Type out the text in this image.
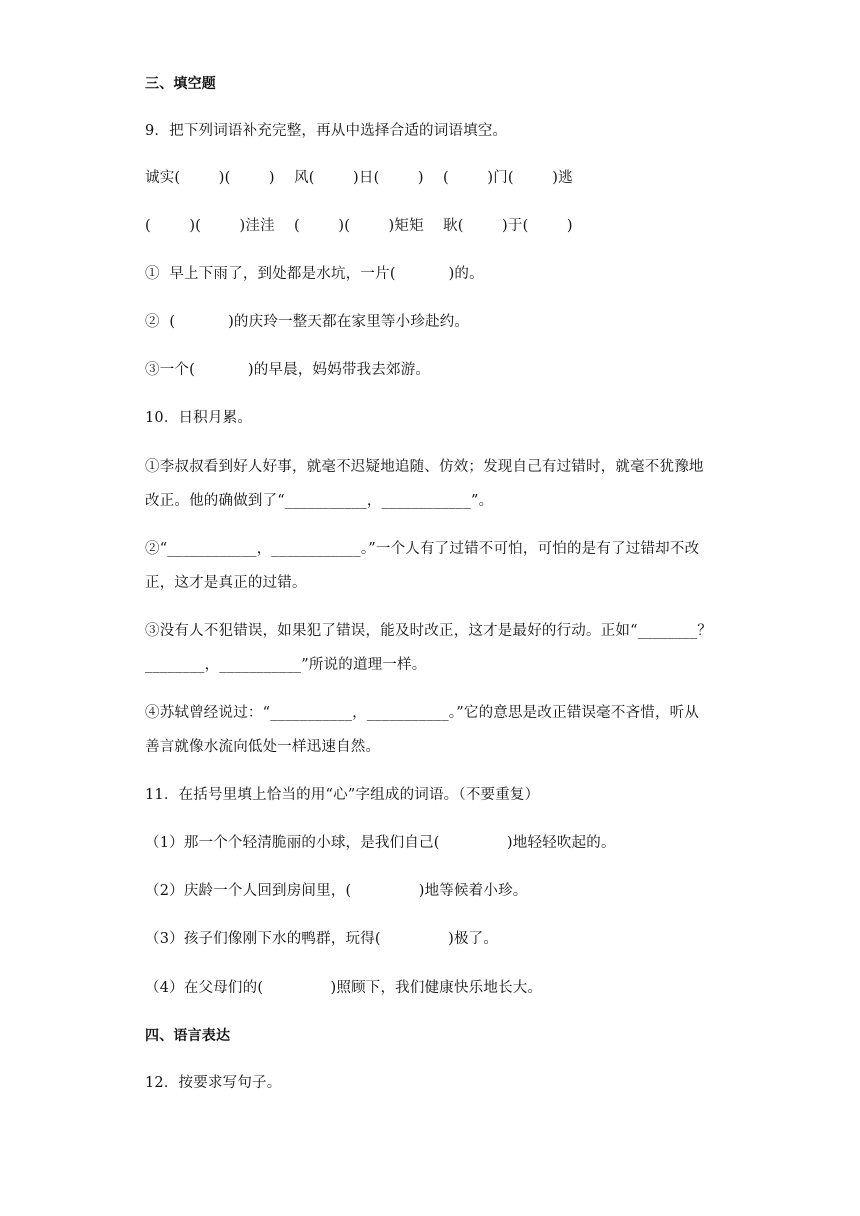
三、填空题
9．把下列词语补充完整，再从中选择合适的词语填空。
诚实(        )(        )    风(        )日(        )    (        )门(        )逃
(        )(        )洼洼    (        )(        )矩矩    耿(        )于(        )
①  早上下雨了，到处都是水坑，一片(           )的。
②  (           )的庆玲一整天都在家里等小珍赴约。
③一个(           )的早晨，妈妈带我去郊游。
10．日积月累。
①李叔叔看到好人好事，就毫不迟疑地追随、仿效；发现自己有过错时，就毫不犹豫地
改正。他的确做到了“___________，____________”。
②“____________，____________。”一个人有了过错不可怕，可怕的是有了过错却不改
正，这才是真正的过错。
③没有人不犯错误，如果犯了错误，能及时改正，这才是最好的行动。正如“________？
________，___________”所说的道理一样。
④苏轼曾经说过：“___________，___________。”它的意思是改正错误毫不吝惜，听从
善言就像水流向低处一样迅速自然。
11．在括号里填上恰当的用“心”字组成的词语。（不要重复）
（1）那一个个轻清脆丽的小球，是我们自己(              )地轻轻吹起的。
（2）庆龄一个人回到房间里，(              )地等候着小珍。
（3）孩子们像刚下水的鸭群，玩得(              )极了。
（4）在父母们的(              )照顾下，我们健康快乐地长大。
四、语言表达
12．按要求写句子。
